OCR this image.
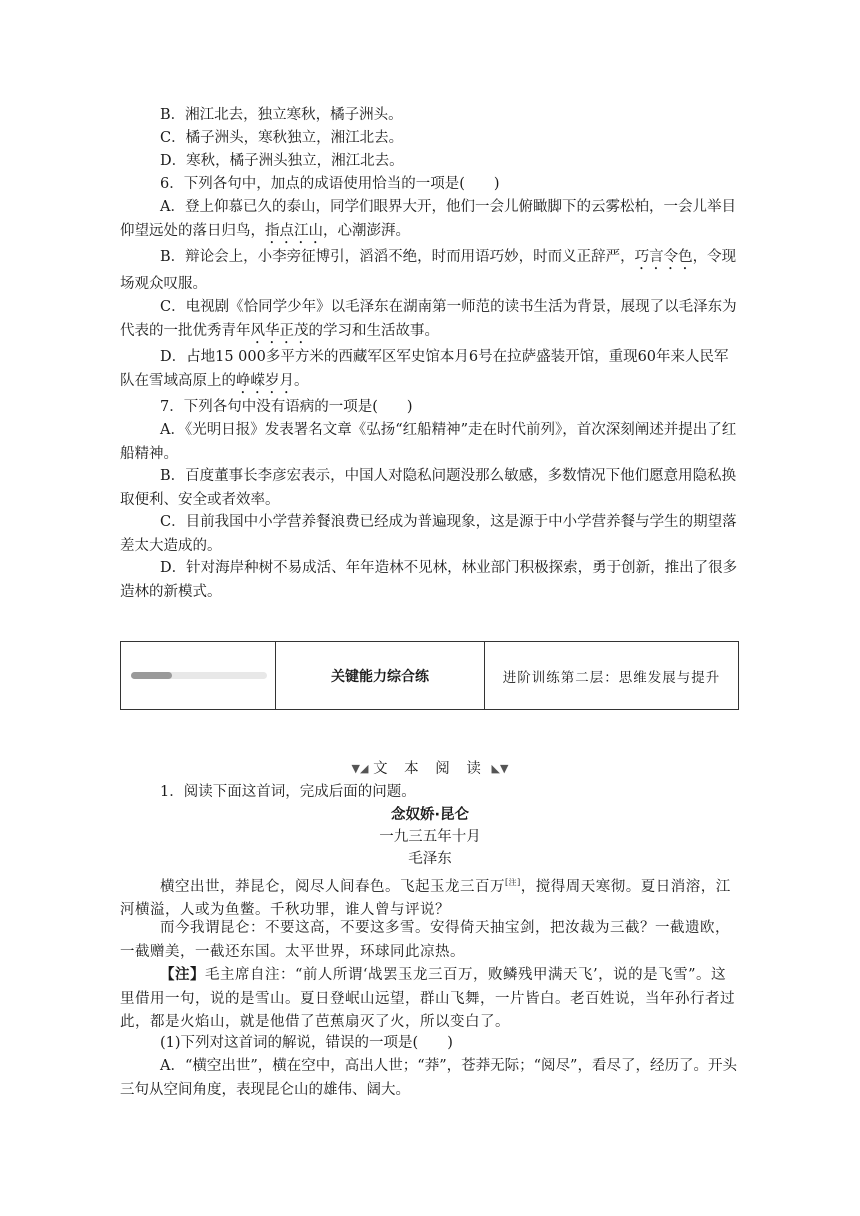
B．湘江北去，独立寒秋，橘子洲头。

C．橘子洲头，寒秋独立，湘江北去。

D．寒秋，橘子洲头独立，湘江北去。

6．下列各句中，加点的成语使用恰当的一项是(　　)

A．登上仰慕已久的泰山，同学们眼界大开，他们一会儿俯瞰脚下的云雾松柏，一会儿举目仰望远处的落日归鸟，指点江山，心潮澎湃。

B．辩论会上，小李旁征博引，滔滔不绝，时而用语巧妙，时而义正辞严，巧言令色，令现场观众叹服。

C．电视剧《恰同学少年》以毛泽东在湖南第一师范的读书生活为背景，展现了以毛泽东为代表的一批优秀青年风华正茂的学习和生活故事。

D．占地15 000多平方米的西藏军区军史馆本月6号在拉萨盛装开馆，重现60年来人民军队在雪域高原上的峥嵘岁月。

7．下列各句中没有语病的一项是(　　)

A．《光明日报》发表署名文章《弘扬“红船精神”走在时代前列》，首次深刻阐述并提出了红船精神。

B．百度董事长李彦宏表示，中国人对隐私问题没那么敏感，多数情况下他们愿意用隐私换取便利、安全或者效率。

C．目前我国中小学营养餐浪费已经成为普遍现象，这是源于中小学营养餐与学生的期望落差太大造成的。

D．针对海岸种树不易成活、年年造林不见林，林业部门积极探索，勇于创新，推出了很多造林的新模式。

关键能力综合练	进阶训练第二层：思维发展与提升
▼◢ 文 本 阅 读 ◣▼

1．阅读下面这首词，完成后面的问题。

念奴娇·昆仑
一九三五年十月
毛泽东

横空出世，莽昆仑，阅尽人间春色。飞起玉龙三百万[注]，搅得周天寒彻。夏日消溶，江河横溢，人或为鱼鳖。千秋功罪，谁人曾与评说？

而今我谓昆仑：不要这高，不要这多雪。安得倚天抽宝剑，把汝裁为三截？一截遗欧，一截赠美，一截还东国。太平世界，环球同此凉热。

【注】毛主席自注：“前人所谓‘战罢玉龙三百万，败鳞残甲满天飞’，说的是飞雪”。这里借用一句，说的是雪山。夏日登岷山远望，群山飞舞，一片皆白。老百姓说，当年孙行者过此，都是火焰山，就是他借了芭蕉扇灭了火，所以变白了。

(1)下列对这首词的解说，错误的一项是(　　)

A．“横空出世”，横在空中，高出人世；“莽”，苍莽无际；“阅尽”，看尽了，经历了。开头三句从空间角度，表现昆仑山的雄伟、阔大。
